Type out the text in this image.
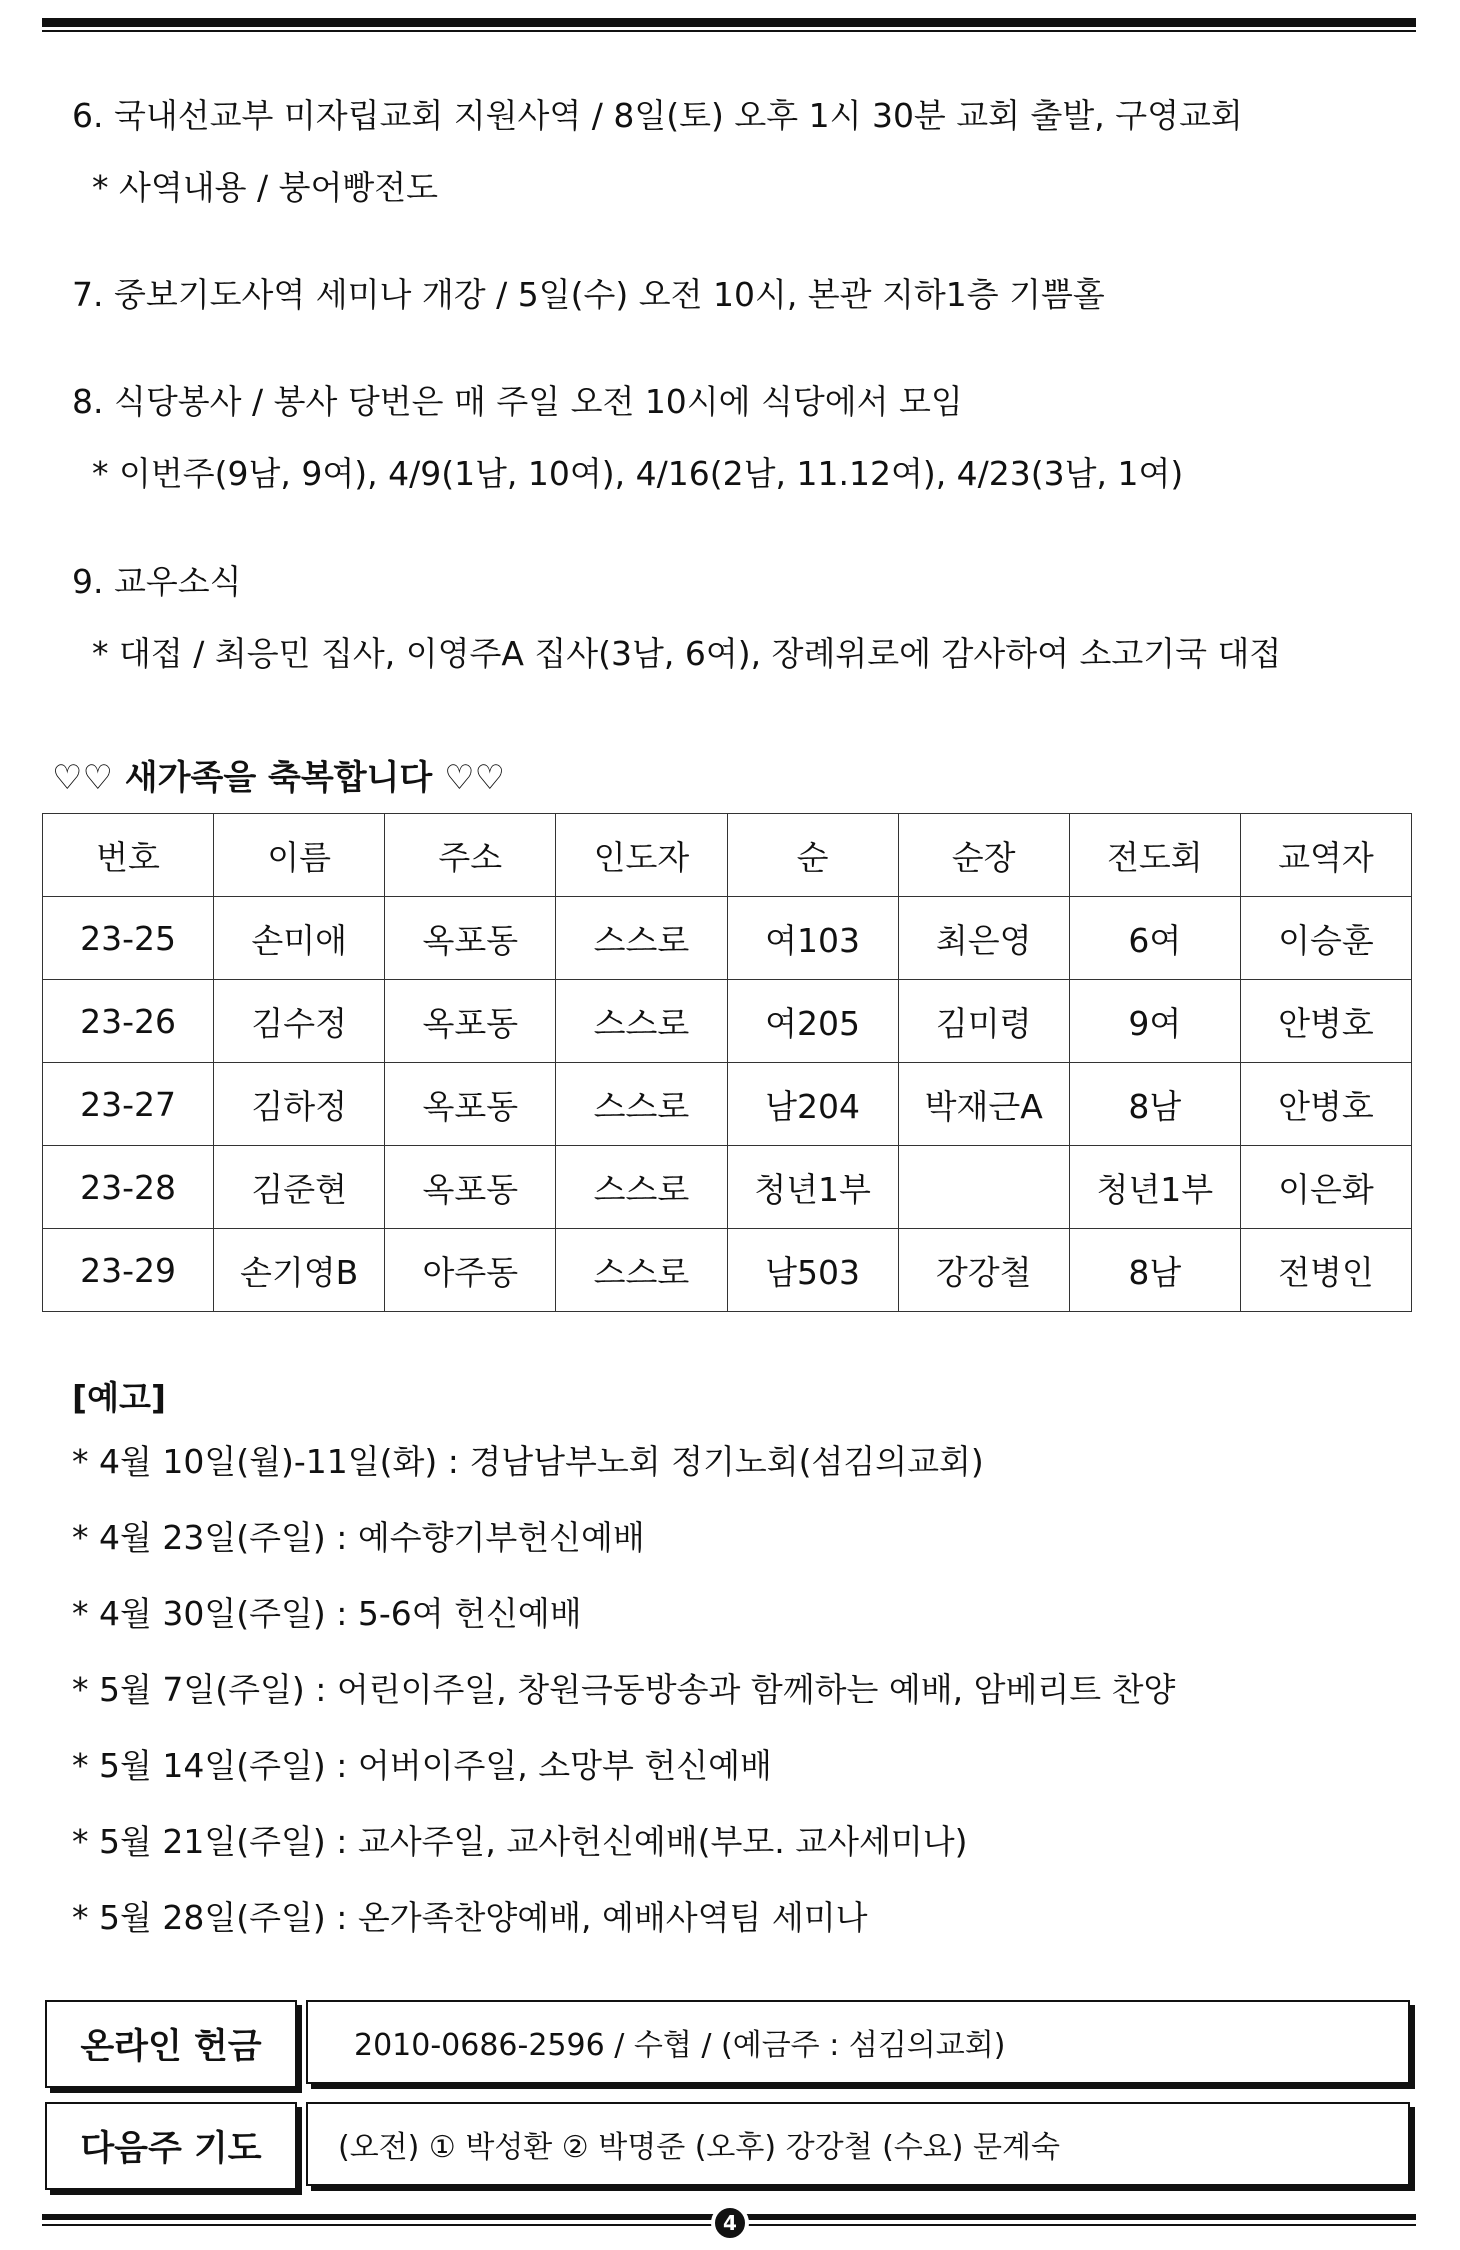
6. 국내선교부 미자립교회 지원사역 / 8일(토) 오후 1시 30분 교회 출발, 구영교회
* 사역내용 / 붕어빵전도
7. 중보기도사역 세미나 개강 / 5일(수) 오전 10시, 본관 지하1층 기쁨홀
8. 식당봉사 / 봉사 당번은 매 주일 오전 10시에 식당에서 모임
* 이번주(9남, 9여), 4/9(1남, 10여), 4/16(2남, 11.12여), 4/23(3남, 1여)
9. 교우소식
* 대접 / 최응민 집사, 이영주A 집사(3남, 6여), 장례위로에 감사하여 소고기국 대접
♡♡ 새가족을 축복합니다 ♡♡
번호	이름	주소	인도자	순	순장	전도회	교역자
23-25	손미애	옥포동	스스로	여103	최은영	6여	이승훈
23-26	김수정	옥포동	스스로	여205	김미령	9여	안병호
23-27	김하정	옥포동	스스로	남204	박재근A	8남	안병호
23-28	김준현	옥포동	스스로	청년1부		청년1부	이은화
23-29	손기영B	아주동	스스로	남503	강강철	8남	전병인
[예고]
* 4월 10일(월)-11일(화) : 경남남부노회 정기노회(섬김의교회)
* 4월 23일(주일) : 예수향기부헌신예배
* 4월 30일(주일) : 5-6여 헌신예배
* 5월 7일(주일) : 어린이주일, 창원극동방송과 함께하는 예배, 암베리트 찬양
* 5월 14일(주일) : 어버이주일, 소망부 헌신예배
* 5월 21일(주일) : 교사주일, 교사헌신예배(부모. 교사세미나)
* 5월 28일(주일) : 온가족찬양예배, 예배사역팀 세미나
온라인 헌금	2010-0686-2596 / 수협 / (예금주 : 섬김의교회)
다음주 기도	(오전) ① 박성환 ② 박명준 (오후) 강강철 (수요) 문계숙
4
